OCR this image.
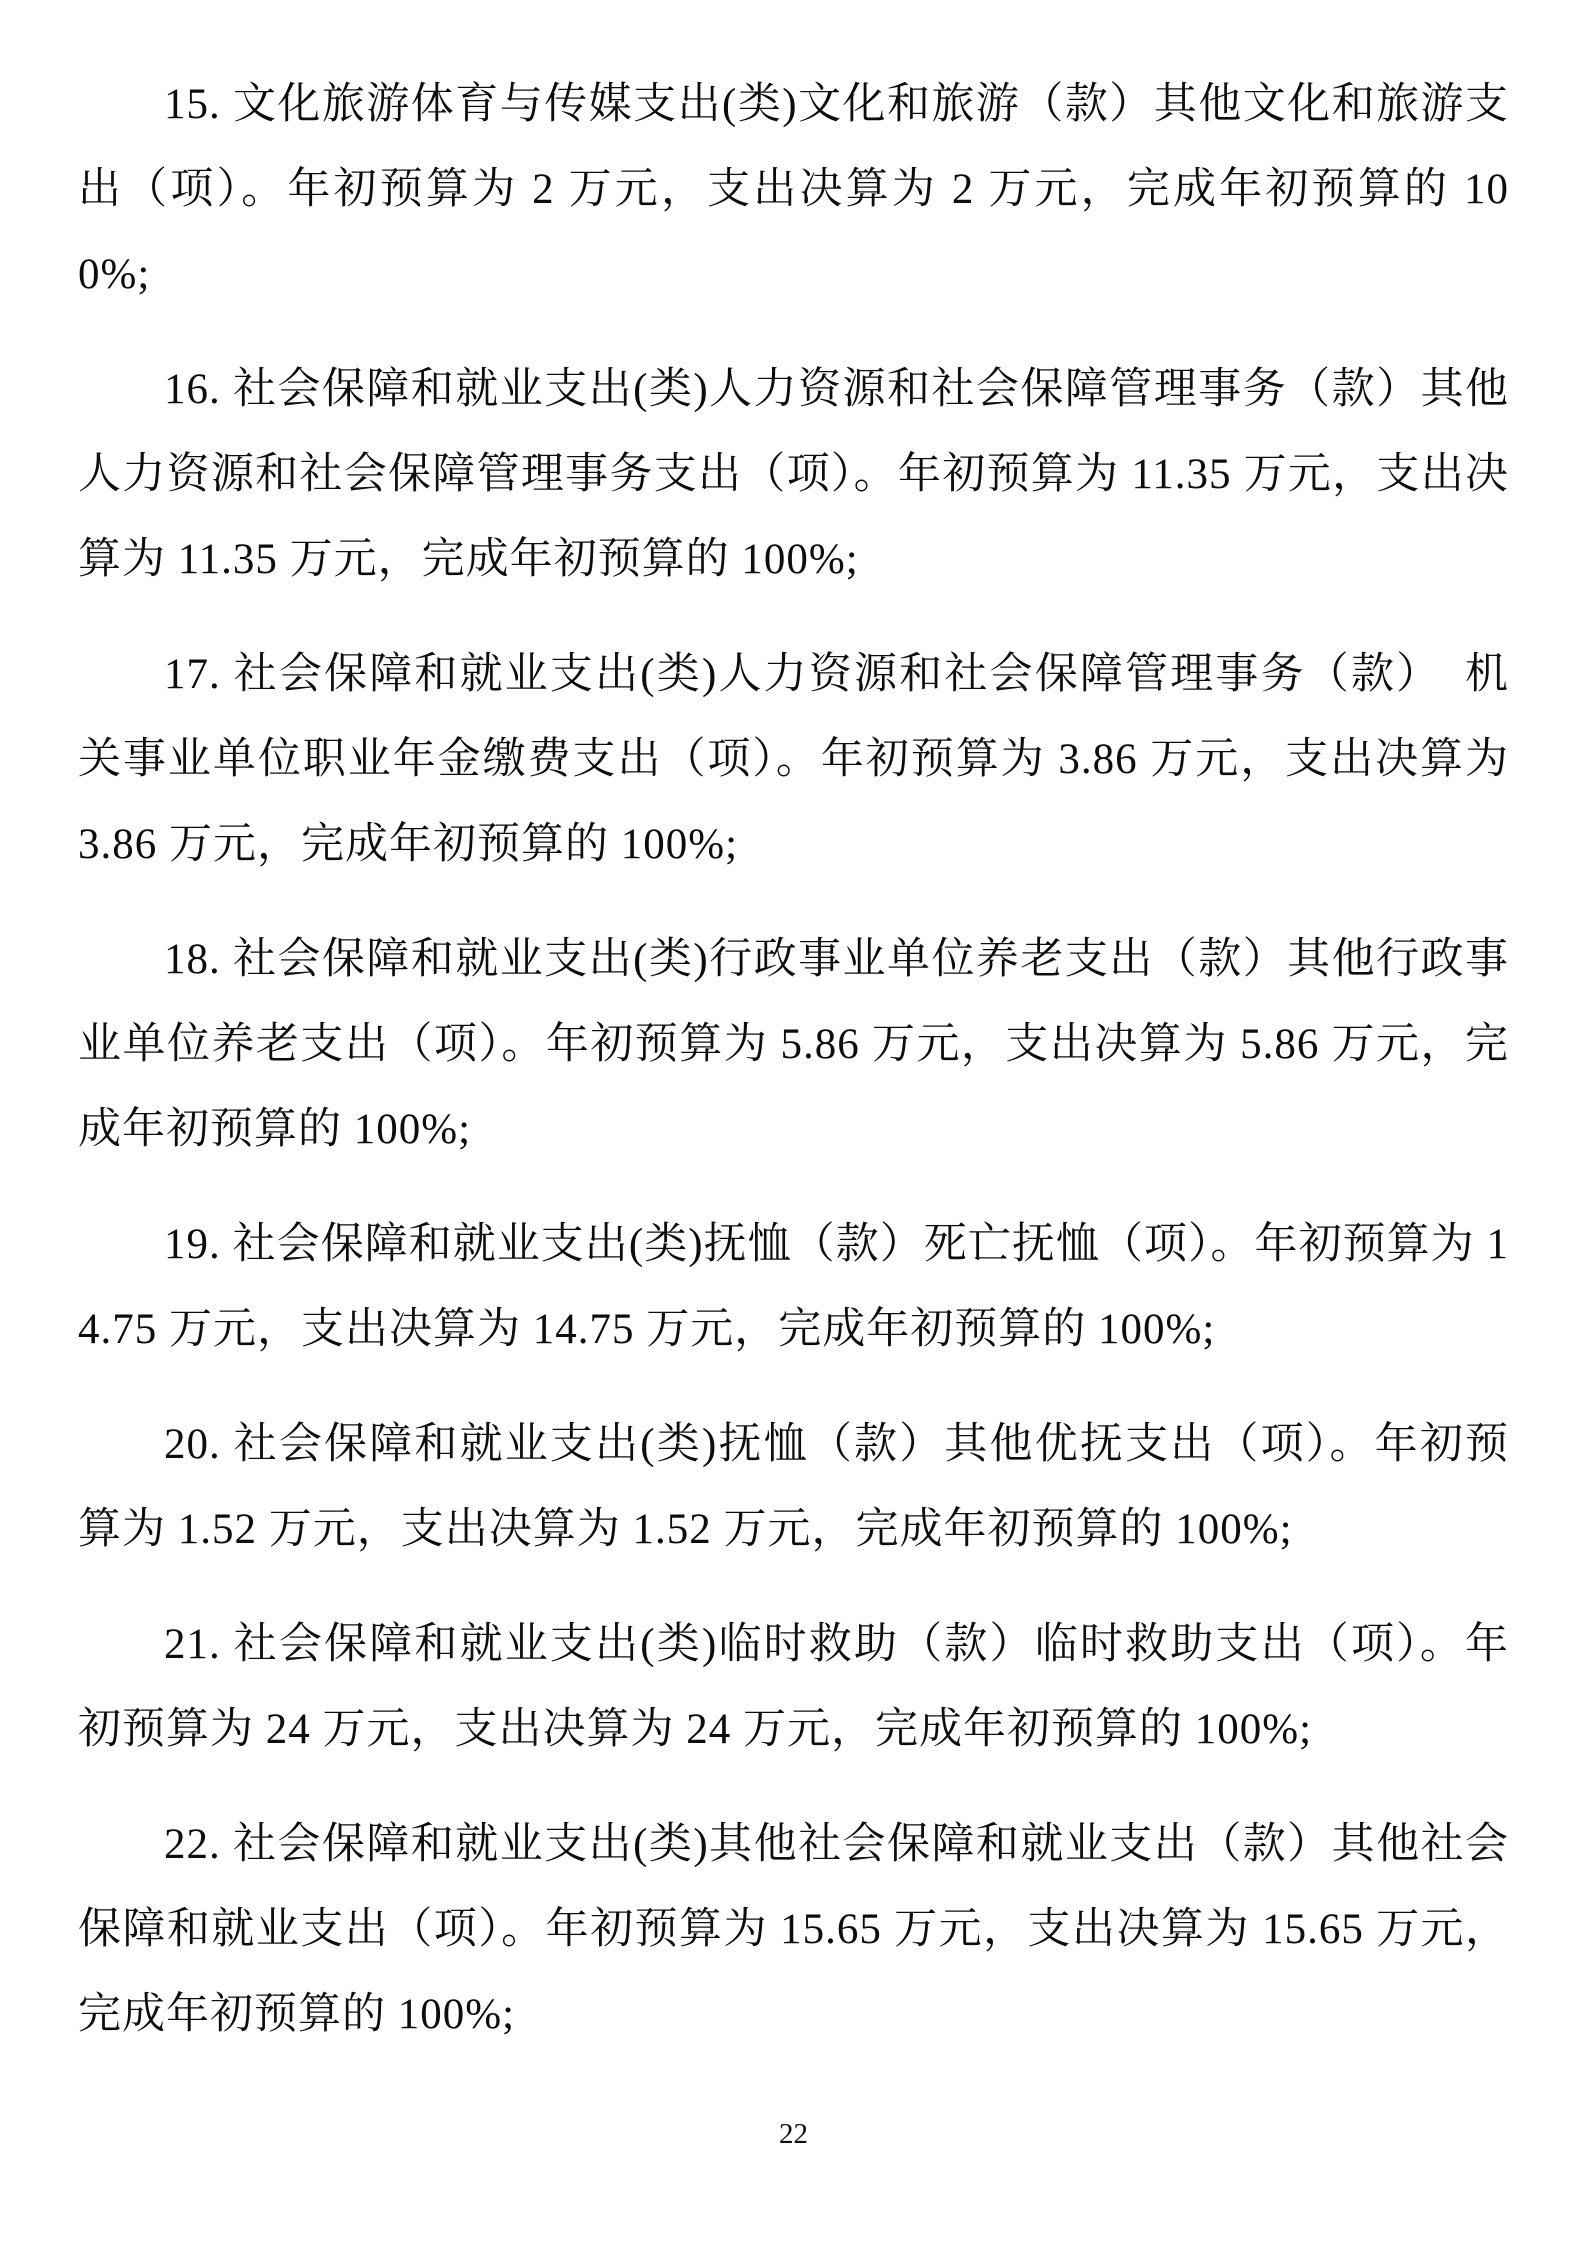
15. 文化旅游体育与传媒支出(类)文化和旅游（款）其他文化和旅游支出（项）。年初预算为 2 万元，支出决算为 2 万元，完成年初预算的 100%;

16. 社会保障和就业支出(类)人力资源和社会保障管理事务（款）其他人力资源和社会保障管理事务支出（项）。年初预算为 11.35 万元，支出决算为 11.35 万元，完成年初预算的 100%;

17. 社会保障和就业支出(类)人力资源和社会保障管理事务（款）　机关事业单位职业年金缴费支出（项）。年初预算为 3.86 万元，支出决算为 3.86 万元，完成年初预算的 100%;

18. 社会保障和就业支出(类)行政事业单位养老支出（款）其他行政事业单位养老支出（项）。年初预算为 5.86 万元，支出决算为 5.86 万元，完成年初预算的 100%;

19. 社会保障和就业支出(类)抚恤（款）死亡抚恤（项）。年初预算为 14.75 万元，支出决算为 14.75 万元，完成年初预算的 100%;

20. 社会保障和就业支出(类)抚恤（款）其他优抚支出（项）。年初预算为 1.52 万元，支出决算为 1.52 万元，完成年初预算的 100%;

21. 社会保障和就业支出(类)临时救助（款）临时救助支出（项）。年初预算为 24 万元，支出决算为 24 万元，完成年初预算的 100%;

22. 社会保障和就业支出(类)其他社会保障和就业支出（款）其他社会保障和就业支出（项）。年初预算为 15.65 万元，支出决算为 15.65 万元，完成年初预算的 100%;

22
